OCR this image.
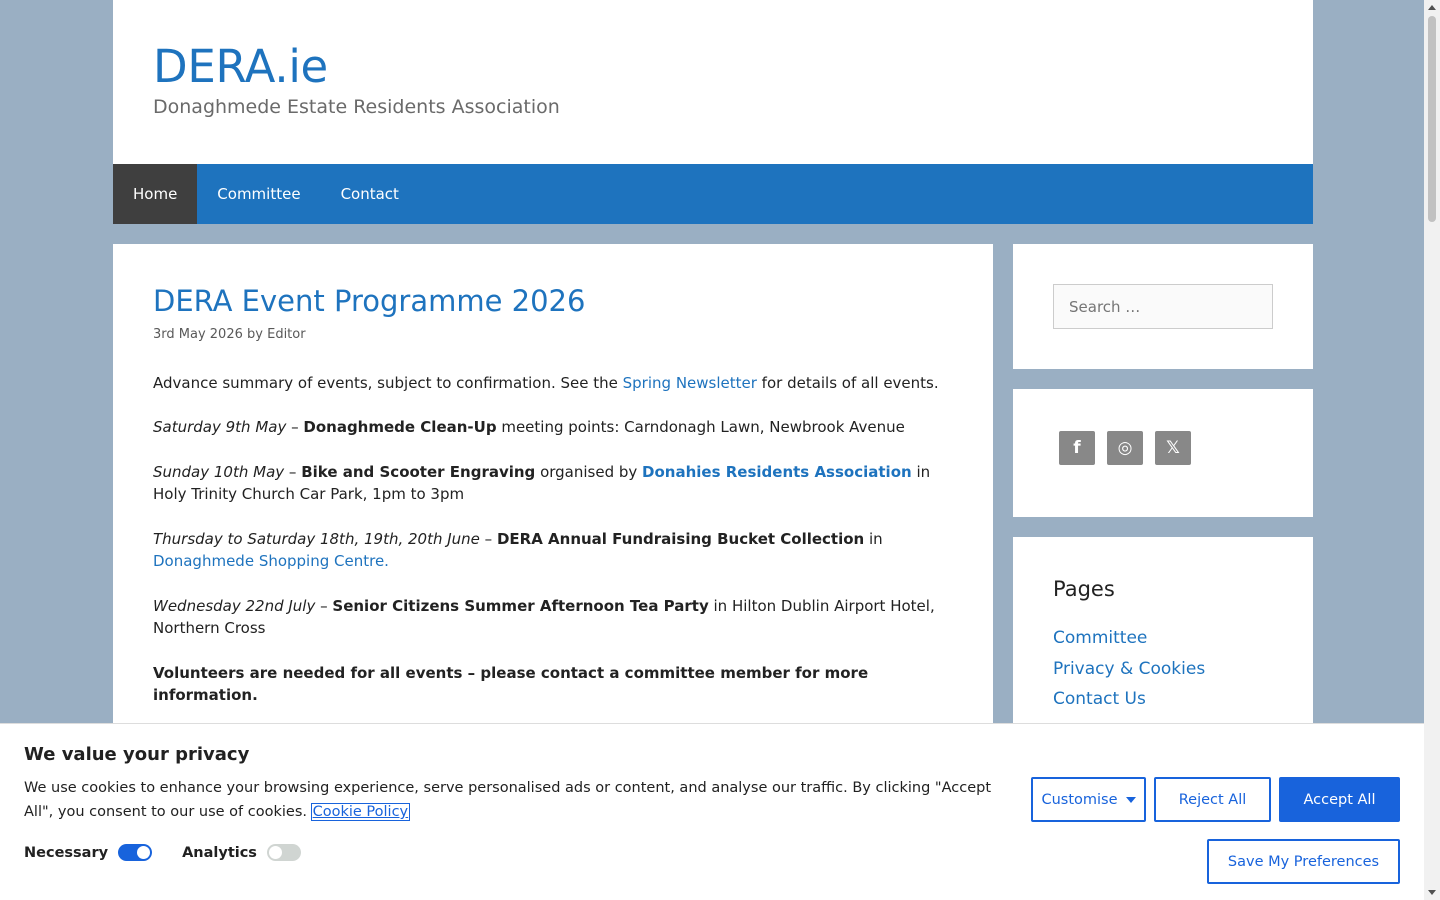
DERA.ie
Donaghmede Estate Residents Association
Home	Committee	Contact
DERA Event Programme 2026
3rd May 2026 by Editor

Advance summary of events, subject to confirmation. See the Spring Newsletter for details of all events.

Saturday 9th May – Donaghmede Clean-Up meeting points: Carndonagh Lawn, Newbrook Avenue

Sunday 10th May – Bike and Scooter Engraving organised by Donahies Residents Association in Holy Trinity Church Car Park, 1pm to 3pm

Thursday to Saturday 18th, 19th, 20th June – DERA Annual Fundraising Bucket Collection in Donaghmede Shopping Centre.

Wednesday 22nd July – Senior Citizens Summer Afternoon Tea Party in Hilton Dublin Airport Hotel, Northern Cross

Volunteers are needed for all events – please contact a committee member for more information.

Search …
f	◎	𝕏
Pages
Committee
Privacy & Cookies
Contact Us
We value your privacy
We use cookies to enhance your browsing experience, serve personalised ads or content, and analyse our traffic. By clicking "Accept All", you consent to our use of cookies. Cookie Policy
Necessary	Analytics
Customise	Reject All	Accept All
Save My Preferences
